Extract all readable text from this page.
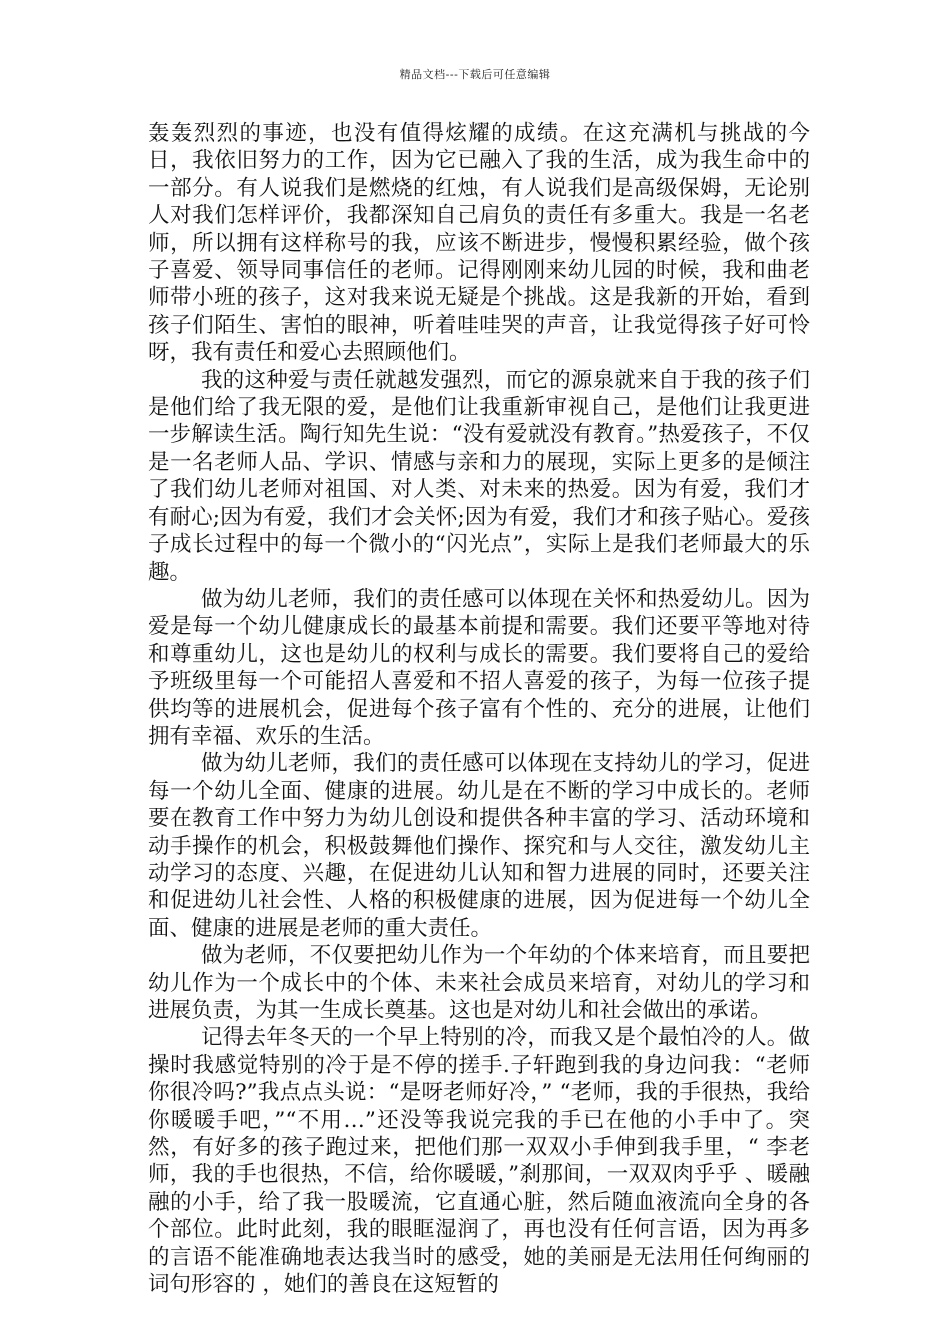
精品文档---下载后可任意编辑

轰轰烈烈的事迹，也没有值得炫耀的成绩。在这充满机与挑战的今日，我依旧努力的工作，因为它已融入了我的生活，成为我生命中的一部分。有人说我们是燃烧的红烛，有人说我们是高级保姆，无论别人对我们怎样评价，我都深知自己肩负的责任有多重大。我是一名老师，所以拥有这样称号的我，应该不断进步，慢慢积累经验，做个孩子喜爱、领导同事信任的老师。记得刚刚来幼儿园的时候，我和曲老师带小班的孩子，这对我来说无疑是个挑战。这是我新的开始，看到孩子们陌生、害怕的眼神，听着哇哇哭的声音，让我觉得孩子好可怜呀，我有责任和爱心去照顾他们。

我的这种爱与责任就越发强烈，而它的源泉就来自于我的孩子们 是他们给了我无限的爱，是他们让我重新审视自己，是他们让我更进一步解读生活。陶行知先生说：“没有爱就没有教育。”热爱孩子，不仅是一名老师人品、学识、情感与亲和力的展现，实际上更多的是倾注了我们幼儿老师对祖国、对人类、对未来的热爱。因为有爱，我们才有耐心;因为有爱，我们才会关怀;因为有爱，我们才和孩子贴心。爱孩子成长过程中的每一个微小的“闪光点”，实际上是我们老师最大的乐趣。

做为幼儿老师，我们的责任感可以体现在关怀和热爱幼儿。因为爱是每一个幼儿健康成长的最基本前提和需要。我们还要平等地对待和尊重幼儿，这也是幼儿的权利与成长的需要。我们要将自己的爱给予班级里每一个可能招人喜爱和不招人喜爱的孩子，为每一位孩子提供均等的进展机会，促进每个孩子富有个性的、充分的进展，让他们拥有幸福、欢乐的生活。

做为幼儿老师，我们的责任感可以体现在支持幼儿的学习，促进每一个幼儿全面、健康的进展。幼儿是在不断的学习中成长的。老师要在教育工作中努力为幼儿创设和提供各种丰富的学习、活动环境和动手操作的机会，积极鼓舞他们操作、探究和与人交往，激发幼儿主动学习的态度、兴趣，在促进幼儿认知和智力进展的同时，还要关注和促进幼儿社会性、人格的积极健康的进展，因为促进每一个幼儿全面、健康的进展是老师的重大责任。

做为老师，不仅要把幼儿作为一个年幼的个体来培育，而且要把幼儿作为一个成长中的个体、未来社会成员来培育，对幼儿的学习和进展负责，为其一生成长奠基。这也是对幼儿和社会做出的承诺。

记得去年冬天的一个早上特别的冷，而我又是个最怕冷的人。做操时我感觉特别的冷于是不停的搓手.子轩跑到我的身边问我：“老师你很冷吗?”我点点头说：“是呀老师好冷，” “老师，我的手很热，我给你暖暖手吧，”“不用…”还没等我说完我的手已在他的小手中了。突然，有好多的孩子跑过来，把他们那一双双小手伸到我手里，“ 李老师，我的手也很热，不信，给你暖暖，”刹那间，一双双肉乎乎 、暖融融的小手，给了我一股暖流，它直通心脏，然后随血液流向全身的各个部位。此时此刻，我的眼眶湿润了，再也没有任何言语，因为再多的言语不能准确地表达我当时的感受，她的美丽是无法用任何绚丽的词句形容的 ，她们的善良在这短暂的
